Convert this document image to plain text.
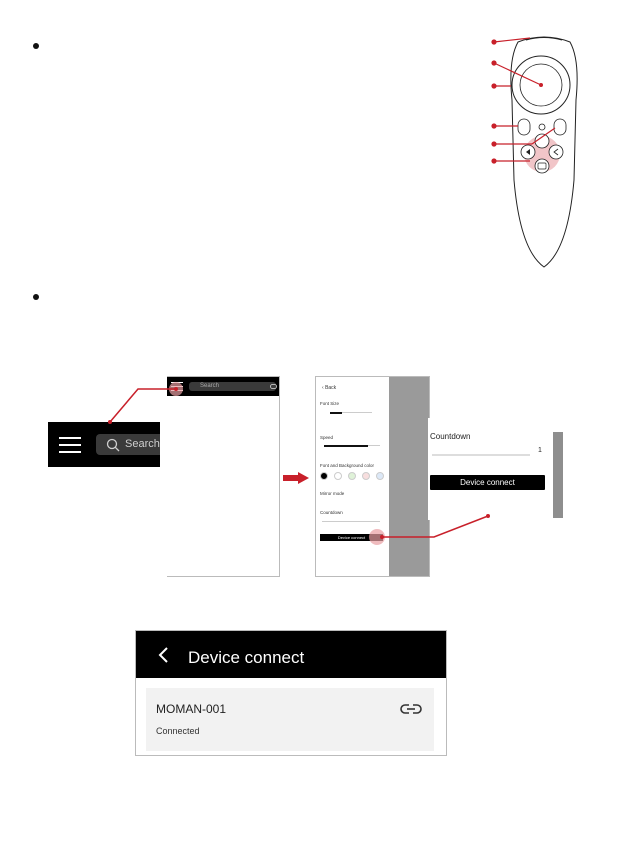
Search
Search	‹ Back
Font Size
Speed
Font and Background color
Mirror mode
Countdown
Device connect
Countdown
1
Device connect
Device connect
MOMAN-001
Connected
